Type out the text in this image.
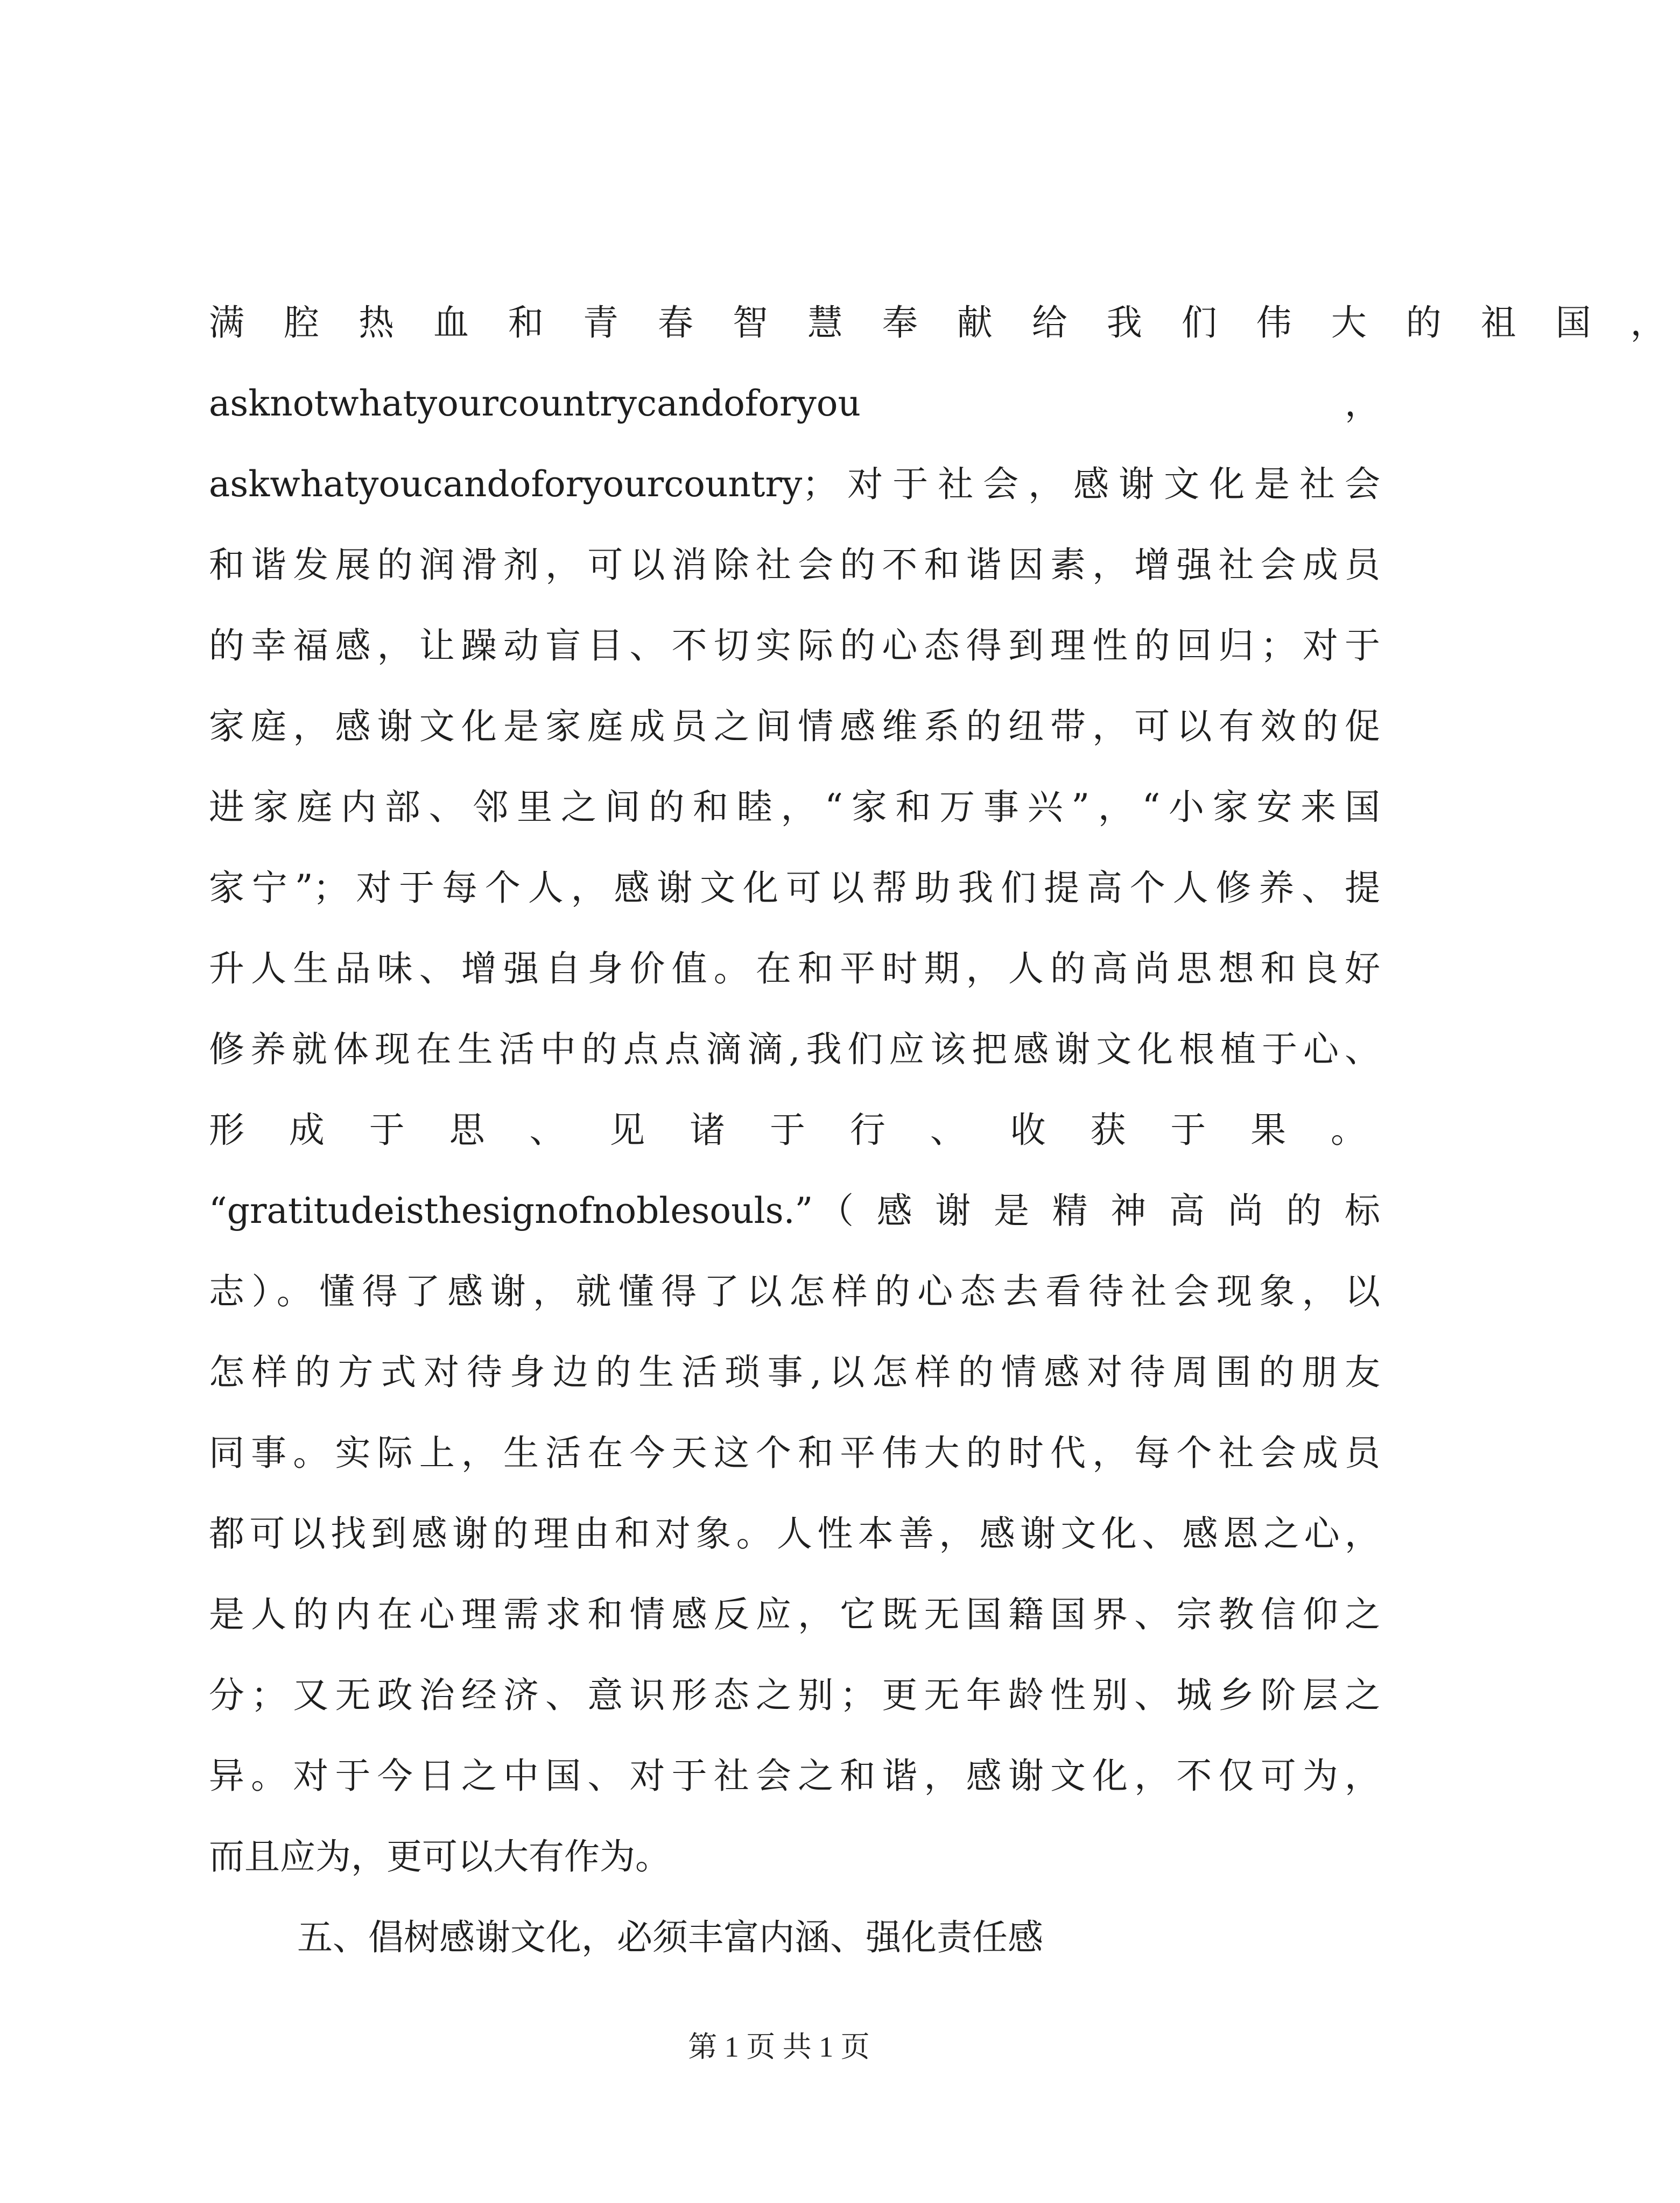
满 腔 热 血 和 青 春 智 慧 奉 献 给 我 们 伟 大 的 祖 国 ，
asknotwhatyourcountrycandoforyou ，
askwhatyoucandoforyourcountry；对于社会，感谢文化是社会
和谐发展的润滑剂，可以消除社会的不和谐因素，增强社会成员
的幸福感，让躁动盲目、不切实际的心态得到理性的回归；对于
家庭，感谢文化是家庭成员之间情感维系的纽带，可以有效的促
进家庭内部、邻里之间的和睦，“家和万事兴”，“小家安来国
家宁”；对于每个人，感谢文化可以帮助我们提高个人修养、提
升人生品味、增强自身价值。在和平时期，人的高尚思想和良好
修养就体现在生活中的点点滴滴,我们应该把感谢文化根植于心、
形 成 于 思 、 见 诸 于 行 、 收 获 于 果 。
“gratitudeisthesignofnoblesouls.”（感谢是精神高尚的标
志）。懂得了感谢，就懂得了以怎样的心态去看待社会现象，以
怎样的方式对待身边的生活琐事,以怎样的情感对待周围的朋友
同事。实际上，生活在今天这个和平伟大的时代，每个社会成员
都可以找到感谢的理由和对象。人性本善，感谢文化、感恩之心，
是人的内在心理需求和情感反应，它既无国籍国界、宗教信仰之
分；又无政治经济、意识形态之别；更无年龄性别、城乡阶层之
异。对于今日之中国、对于社会之和谐，感谢文化，不仅可为，
而且应为，更可以大有作为。
五、倡树感谢文化，必须丰富内涵、强化责任感
第 1 页 共 1 页
